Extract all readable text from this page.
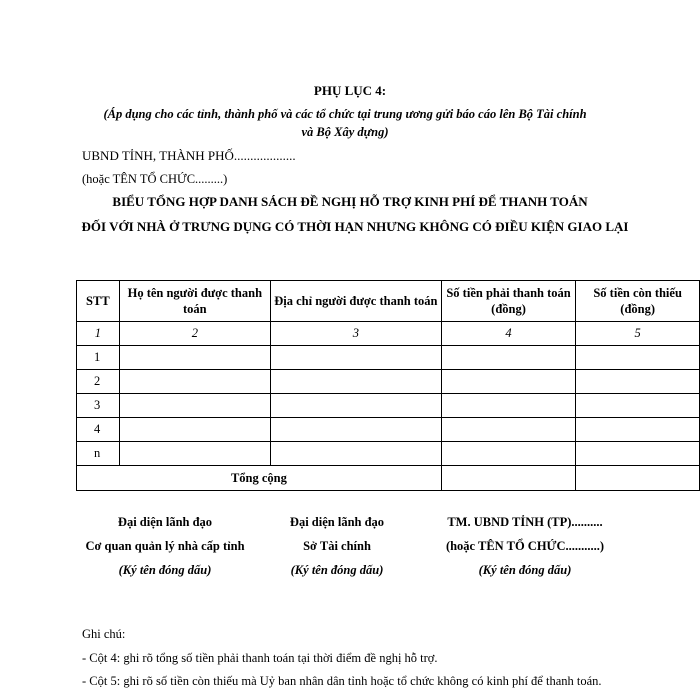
PHỤ LỤC 4:
(Áp dụng cho các tỉnh, thành phố và các tổ chức tại trung ương gửi báo cáo lên Bộ Tài chính và Bộ Xây dựng)
UBND TỈNH, THÀNH PHỐ...................
(hoặc TÊN TỔ CHỨC.........)
BIỂU TỔNG HỢP DANH SÁCH ĐỀ NGHỊ HỖ TRỢ KINH PHÍ ĐỂ THANH TOÁN
ĐỐI VỚI NHÀ Ở TRƯNG DỤNG CÓ THỜI HẠN NHƯNG KHÔNG CÓ ĐIỀU KIỆN GIAO LẠI
STT	Họ tên người được thanh toán	Địa chỉ người được thanh toán	Số tiền phải thanh toán (đồng)	Số tiền còn thiếu (đồng)
1	2	3	4	5
1				
2				
3				
4				
n				
Tổng cộng				
Đại diện lãnh đạo
Cơ quan quản lý nhà cấp tỉnh
(Ký tên đóng dấu)
Đại diện lãnh đạo
Sở Tài chính
(Ký tên đóng dấu)
TM. UBND TỈNH (TP)..........
(hoặc TÊN TỔ CHỨC...........)
(Ký tên đóng dấu)
Ghi chú:
- Cột 4: ghi rõ tổng số tiền phải thanh toán tại thời điểm đề nghị hỗ trợ.
- Cột 5: ghi rõ số tiền còn thiếu mà Uỷ ban nhân dân tỉnh hoặc tổ chức không có kinh phí để thanh toán.
